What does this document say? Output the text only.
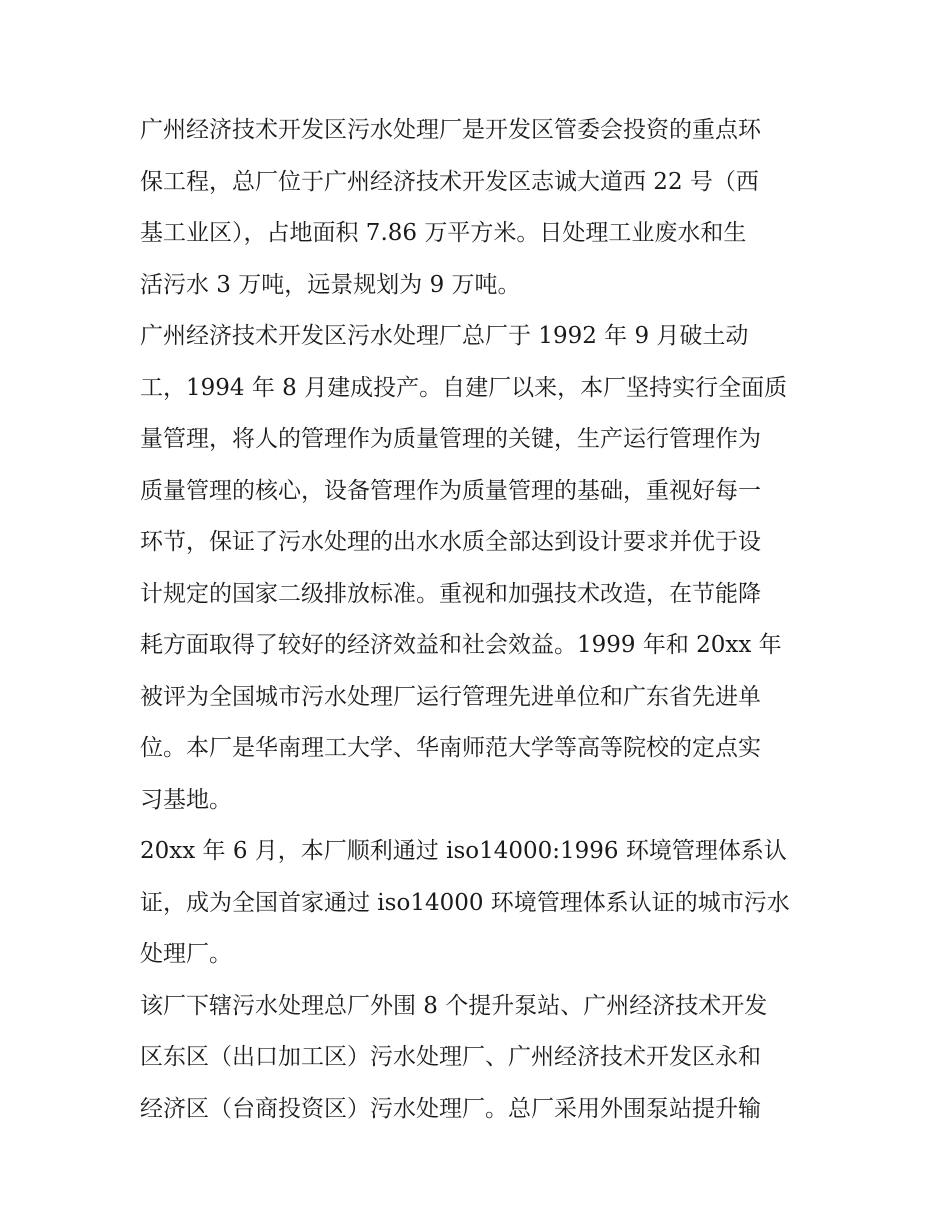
广州经济技术开发区污水处理厂是开发区管委会投资的重点环
保工程，总厂位于广州经济技术开发区志诚大道西 22 号（西
基工业区），占地面积 7.86 万平方米。日处理工业废水和生
活污水 3 万吨，远景规划为 9 万吨。
广州经济技术开发区污水处理厂总厂于 1992 年 9 月破土动
工，1994 年 8 月建成投产。自建厂以来，本厂坚持实行全面质
量管理，将人的管理作为质量管理的关键，生产运行管理作为
质量管理的核心，设备管理作为质量管理的基础，重视好每一
环节，保证了污水处理的出水水质全部达到设计要求并优于设
计规定的国家二级排放标准。重视和加强技术改造，在节能降
耗方面取得了较好的经济效益和社会效益。1999 年和 20xx 年
被评为全国城市污水处理厂运行管理先进单位和广东省先进单
位。本厂是华南理工大学、华南师范大学等高等院校的定点实
习基地。
20xx 年 6 月，本厂顺利通过 iso14000:1996 环境管理体系认
证，成为全国首家通过 iso14000 环境管理体系认证的城市污水
处理厂。
该厂下辖污水处理总厂外围 8 个提升泵站、广州经济技术开发
区东区（出口加工区）污水处理厂、广州经济技术开发区永和
经济区（台商投资区）污水处理厂。总厂采用外围泵站提升输
